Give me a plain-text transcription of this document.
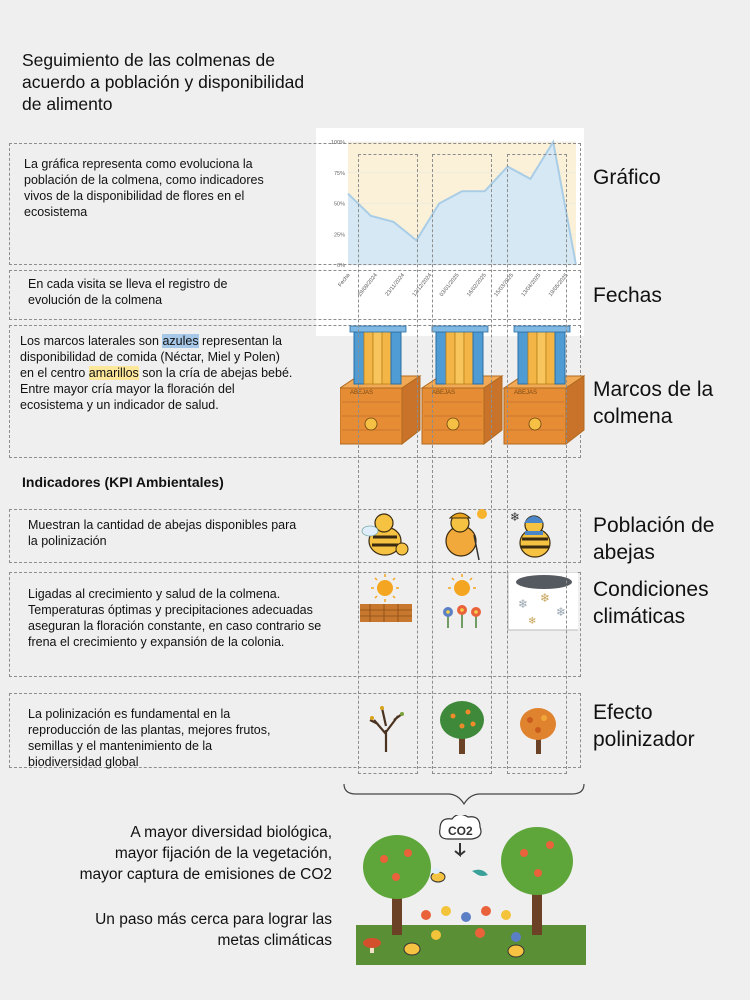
Seguimiento de las colmenas de acuerdo a población y disponibilidad de alimento
0%
25%
50%
75%
100%
Fecha 29/09/2024 23/11/2024 12/12/2024 03/01/2025 16/02/2025 15/03/2025 13/04/2025 19/05/2025
La gráfica representa como evoluciona la población de la colmena, como indicadores vivos de la disponibilidad de flores en el ecosistema
Gráfico
En cada visita se lleva el registro de evolución de la colmena	Fechas
Los marcos laterales son azules representan la disponibilidad de comida (Néctar, Miel y Polen) en el centro amarillos son la cría de abejas bebé. Entre mayor cría mayor la floración del ecosistema y un indicador de salud.
Marcos de la
colmena
ABEJAS	ABEJAS	ABEJAS
Indicadores (KPI Ambientales)
Muestran la cantidad de abejas disponibles para la polinización
Población de
abejas
❄
Ligadas al crecimiento y salud de la colmena. Temperaturas óptimas y precipitaciones adecuadas aseguran la floración constante, en caso contrario se frena el crecimiento y expansión de la colonia.
Condiciones
climáticas
❄ ❄
❄
❄
La polinización es fundamental en la reproducción de las plantas, mejores frutos, semillas y el mantenimiento de la biodiversidad global
Efecto
polinizador
A mayor diversidad biológica,
mayor fijación de la vegetación,
mayor captura de emisiones de CO2
Un paso más cerca para lograr las
metas climáticas
CO2
